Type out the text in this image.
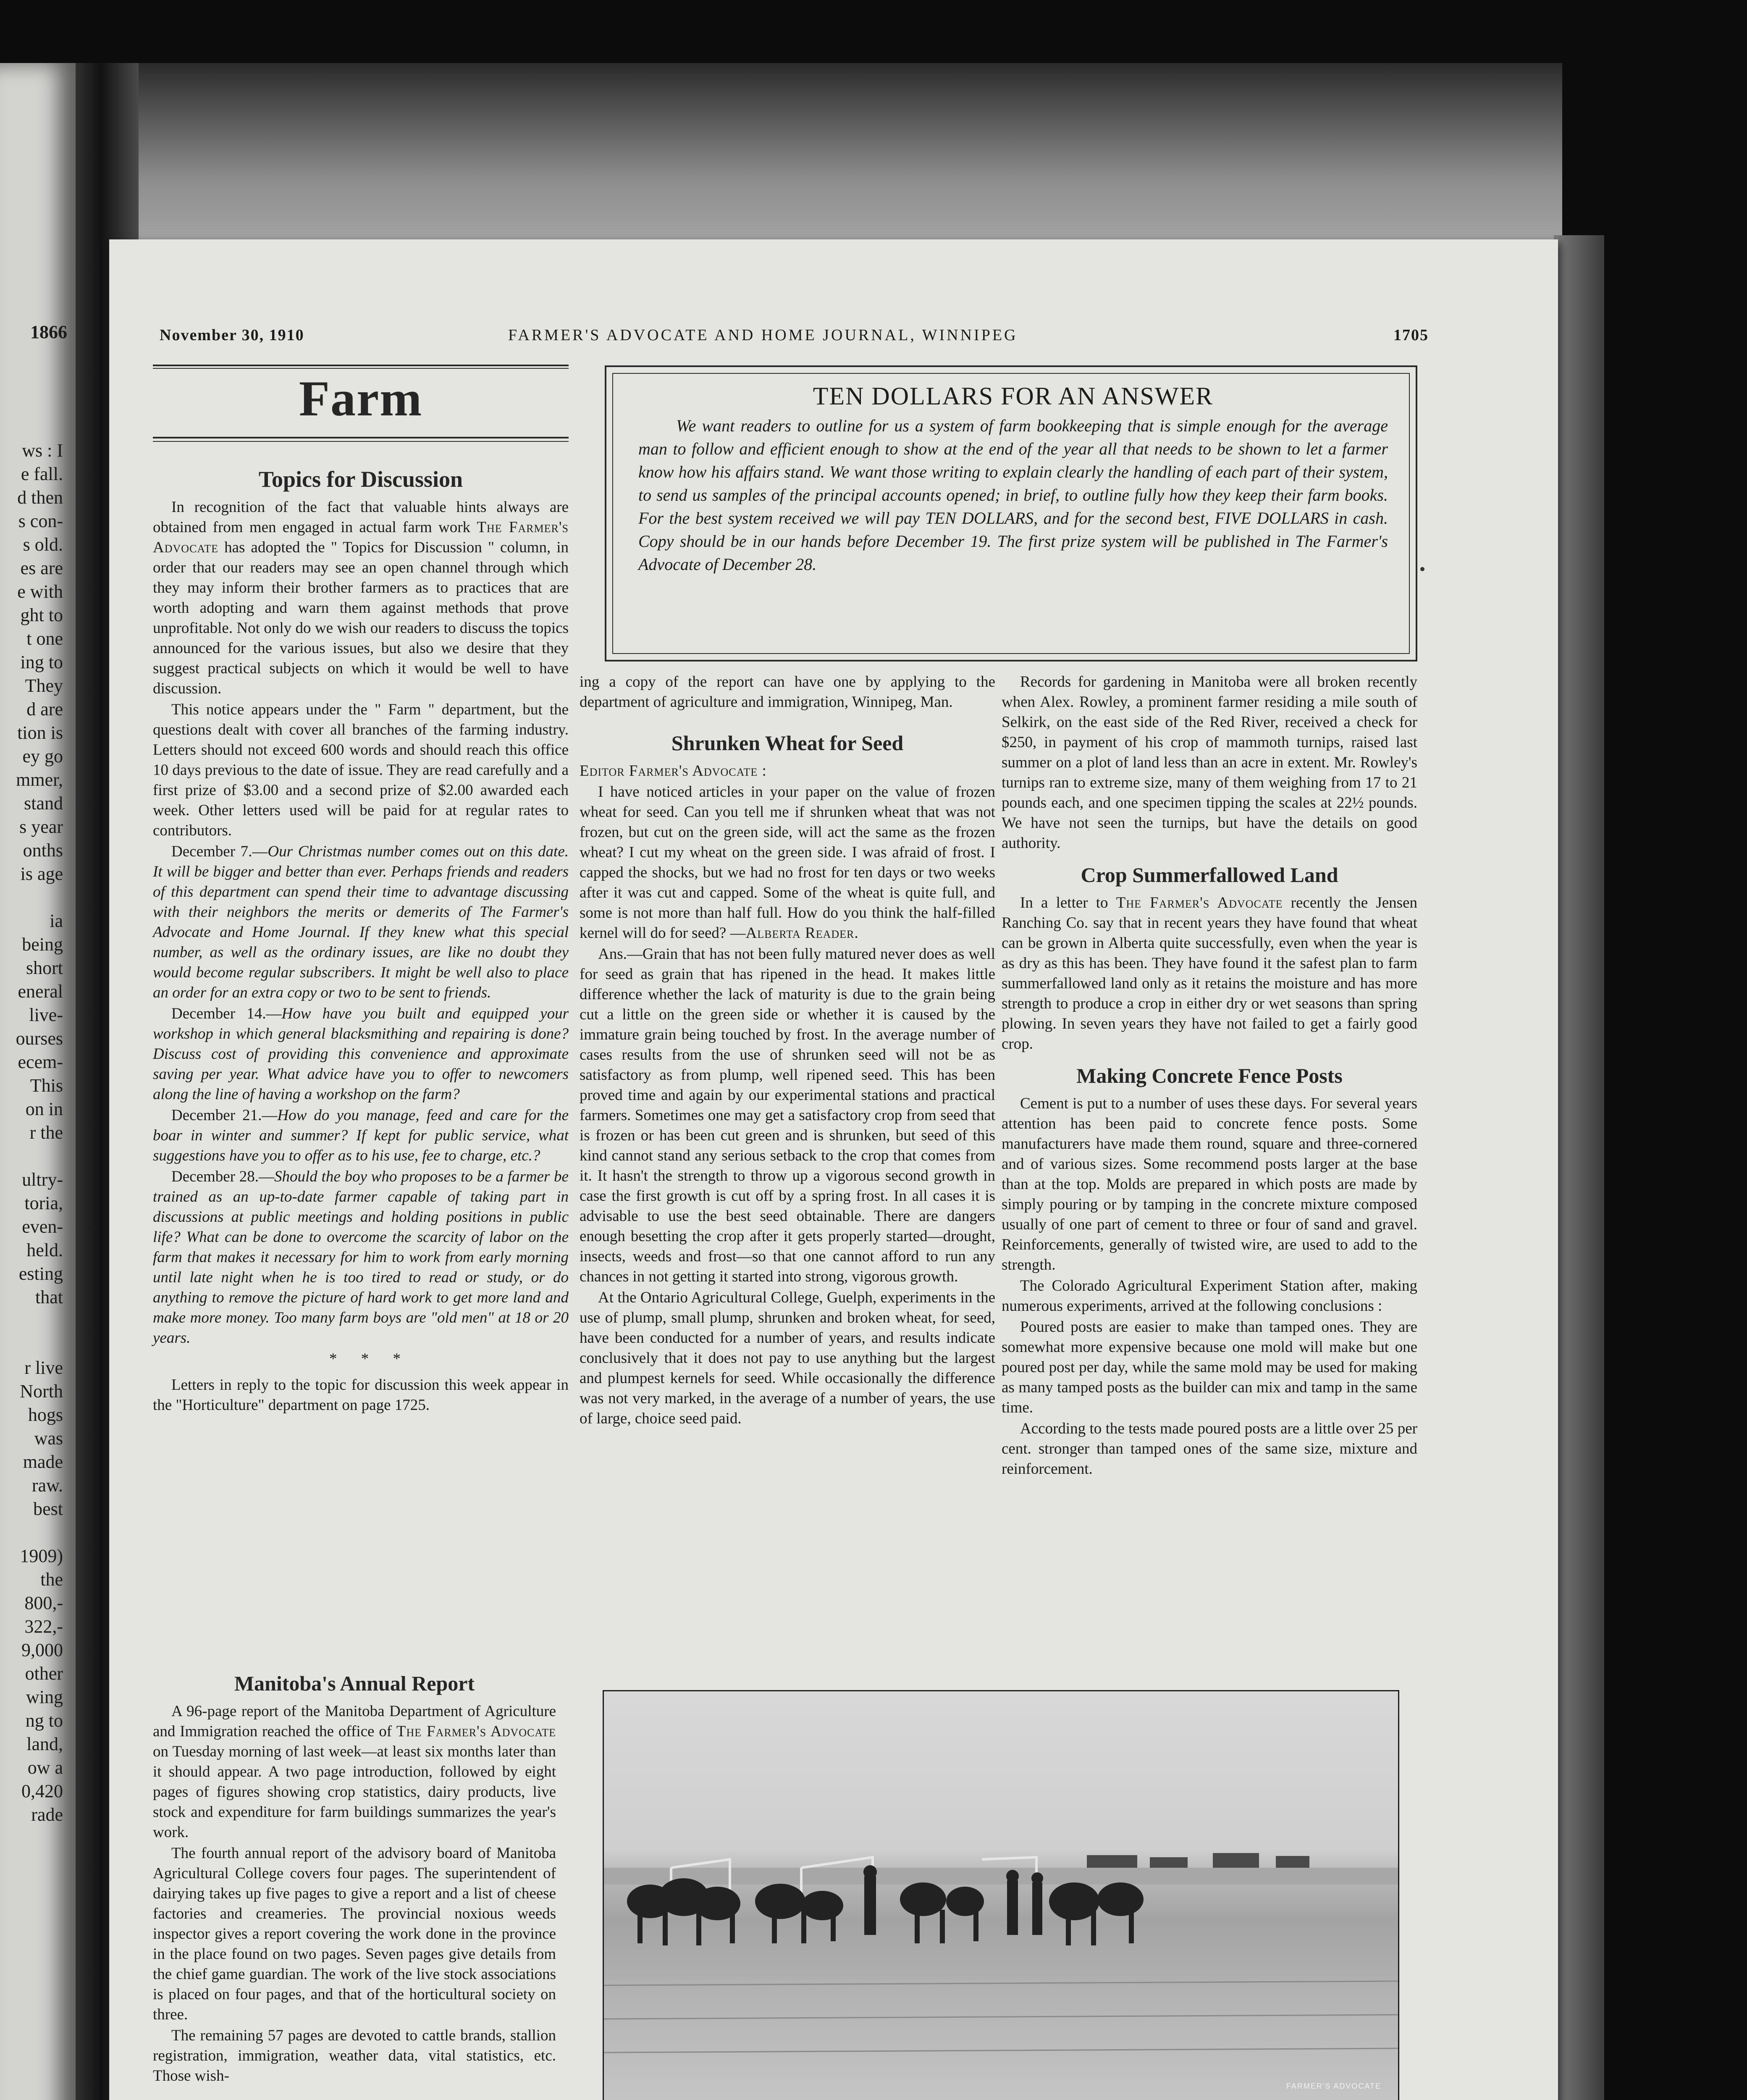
1866
ws : I
e fall.
d then
s con-
s old.
es are
e with
ght to
t one
ing to
They
d are
tion is
ey go
mmer,
stand
s year
onths
is age

ia
being
short
eneral
live-
ourses
ecem-
This
on in
r the

ultry-
toria,
even-
held.
esting
that

r live
North
hogs
was
made
raw.
best

1909)
the
800,-
322,-
9,000
other
wing
ng to
land,
ow a
0,420
rade
November 30, 1910	FARMER'S ADVOCATE AND HOME JOURNAL, WINNIPEG	1705
Farm
Topics for Discussion

In recognition of the fact that valuable hints always are obtained from men engaged in actual farm work The Farmer's Advocate has adopted the " Topics for Discussion " column, in order that our readers may see an open channel through which they may inform their brother farmers as to practices that are worth adopting and warn them against methods that prove unprofitable. Not only do we wish our readers to discuss the topics announced for the various issues, but also we desire that they suggest practical subjects on which it would be well to have discussion.

This notice appears under the " Farm " department, but the questions dealt with cover all branches of the farming industry. Letters should not exceed 600 words and should reach this office 10 days previous to the date of issue. They are read carefully and a first prize of $3.00 and a second prize of $2.00 awarded each week. Other letters used will be paid for at regular rates to contributors.

December 7.—Our Christmas number comes out on this date. It will be bigger and better than ever. Perhaps friends and readers of this department can spend their time to advantage discussing with their neighbors the merits or demerits of The Farmer's Advocate and Home Journal. If they knew what this special number, as well as the ordinary issues, are like no doubt they would become regular subscribers. It might be well also to place an order for an extra copy or two to be sent to friends.

December 14.—How have you built and equipped your workshop in which general blacksmithing and repairing is done? Discuss cost of providing this convenience and approximate saving per year. What advice have you to offer to newcomers along the line of having a workshop on the farm?

December 21.—How do you manage, feed and care for the boar in winter and summer? If kept for public service, what suggestions have you to offer as to his use, fee to charge, etc.?

December 28.—Should the boy who proposes to be a farmer be trained as an up-to-date farmer capable of taking part in discussions at public meetings and holding positions in public life? What can be done to overcome the scarcity of labor on the farm that makes it necessary for him to work from early morning until late night when he is too tired to read or study, or do anything to remove the picture of hard work to get more land and make more money. Too many farm boys are "old men" at 18 or 20 years.

* * *

Letters in reply to the topic for discussion this week appear in the "Horticulture" department on page 1725.

Manitoba's Annual Report

A 96-page report of the Manitoba Department of Agriculture and Immigration reached the office of The Farmer's Advocate on Tuesday morning of last week—at least six months later than it should appear. A two page introduction, followed by eight pages of figures showing crop statistics, dairy products, live stock and expenditure for farm buildings summarizes the year's work.

The fourth annual report of the advisory board of Manitoba Agricultural College covers four pages. The superintendent of dairying takes up five pages to give a report and a list of cheese factories and creameries. The provincial noxious weeds inspector gives a report covering the work done in the province in the place found on two pages. Seven pages give details from the chief game guardian. The work of the live stock associations is placed on four pages, and that of the horticultural society on three.

The remaining 57 pages are devoted to cattle brands, stallion registration, immigration, weather data, vital statistics, etc. Those wish-

TEN DOLLARS FOR AN ANSWER
We want readers to outline for us a system of farm bookkeeping that is simple enough for the average man to follow and efficient enough to show at the end of the year all that needs to be shown to let a farmer know how his affairs stand. We want those writing to explain clearly the handling of each part of their system, to send us samples of the principal accounts opened; in brief, to outline fully how they keep their farm books. For the best system received we will pay TEN DOLLARS, and for the second best, FIVE DOLLARS in cash. Copy should be in our hands before December 19. The first prize system will be published in The Farmer's Advocate of December 28.

ing a copy of the report can have one by applying to the department of agriculture and immigration, Winnipeg, Man.

Shrunken Wheat for Seed

Editor Farmer's Advocate :

I have noticed articles in your paper on the value of frozen wheat for seed. Can you tell me if shrunken wheat that was not frozen, but cut on the green side, will act the same as the frozen wheat? I cut my wheat on the green side. I was afraid of frost. I capped the shocks, but we had no frost for ten days or two weeks after it was cut and capped. Some of the wheat is quite full, and some is not more than half full. How do you think the half-filled kernel will do for seed? —Alberta Reader.

Ans.—Grain that has not been fully matured never does as well for seed as grain that has ripened in the head. It makes little difference whether the lack of maturity is due to the grain being cut a little on the green side or whether it is caused by the immature grain being touched by frost. In the average number of cases results from the use of shrunken seed will not be as satisfactory as from plump, well ripened seed. This has been proved time and again by our experimental stations and practical farmers. Sometimes one may get a satisfactory crop from seed that is frozen or has been cut green and is shrunken, but seed of this kind cannot stand any serious setback to the crop that comes from it. It hasn't the strength to throw up a vigorous second growth in case the first growth is cut off by a spring frost. In all cases it is advisable to use the best seed obtainable. There are dangers enough besetting the crop after it gets properly started—drought, insects, weeds and frost—so that one cannot afford to run any chances in not getting it started into strong, vigorous growth.

At the Ontario Agricultural College, Guelph, experiments in the use of plump, small plump, shrunken and broken wheat, for seed, have been conducted for a number of years, and results indicate conclusively that it does not pay to use anything but the largest and plumpest kernels for seed. While occasionally the difference was not very marked, in the average of a number of years, the use of large, choice seed paid.

Records for gardening in Manitoba were all broken recently when Alex. Rowley, a prominent farmer residing a mile south of Selkirk, on the east side of the Red River, received a check for $250, in payment of his crop of mammoth turnips, raised last summer on a plot of land less than an acre in extent. Mr. Rowley's turnips ran to extreme size, many of them weighing from 17 to 21 pounds each, and one specimen tipping the scales at 22½ pounds. We have not seen the turnips, but have the details on good authority.

Crop Summerfallowed Land

In a letter to The Farmer's Advocate recently the Jensen Ranching Co. say that in recent years they have found that wheat can be grown in Alberta quite successfully, even when the year is as dry as this has been. They have found it the safest plan to farm summerfallowed land only as it retains the moisture and has more strength to produce a crop in either dry or wet seasons than spring plowing. In seven years they have not failed to get a fairly good crop.

Making Concrete Fence Posts

Cement is put to a number of uses these days. For several years attention has been paid to concrete fence posts. Some manufacturers have made them round, square and three-cornered and of various sizes. Some recommend posts larger at the base than at the top. Molds are prepared in which posts are made by simply pouring or by tamping in the concrete mixture composed usually of one part of cement to three or four of sand and gravel. Reinforcements, generally of twisted wire, are used to add to the strength.

The Colorado Agricultural Experiment Station after, making numerous experiments, arrived at the following conclusions :

Poured posts are easier to make than tamped ones. They are somewhat more expensive because one mold will make but one poured post per day, while the same mold may be used for making as many tamped posts as the builder can mix and tamp in the same time.

According to the tests made poured posts are a little over 25 per cent. stronger than tamped ones of the same size, mixture and reinforcement.

FARMER'S ADVOCATE
